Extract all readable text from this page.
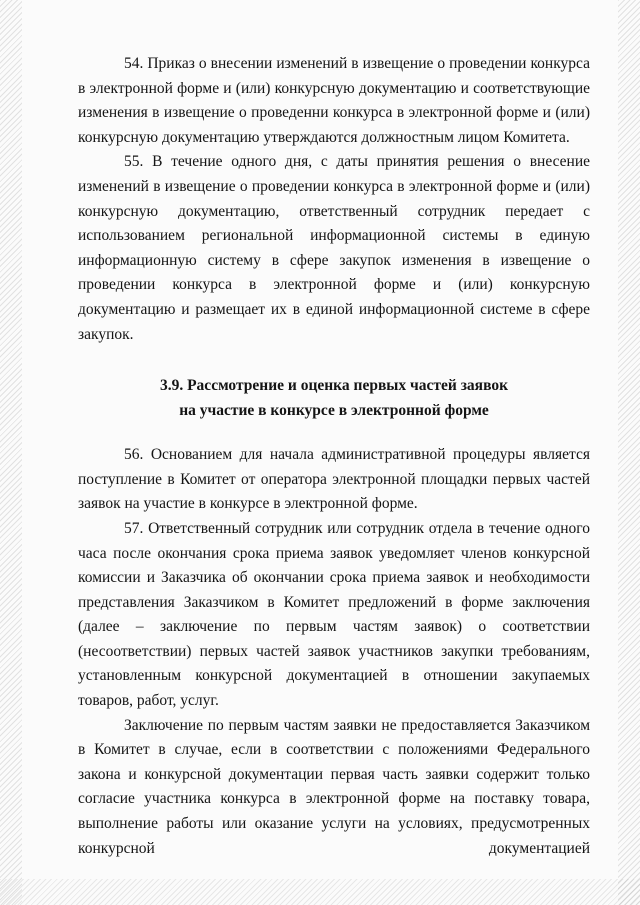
54. Приказ о внесении изменений в извещение о проведении конкурса в электронной форме и (или) конкурсную документацию и соответствующие изменения в извещение о проведенни конкурса в электронной форме и (или) конкурсную документацию утверждаются должностным лицом Комитета.

55. В течение одного дня, с даты принятия решения о внесение изменений в извещение о проведении конкурса в электронной форме и (или) конкурсную документацию, ответственный сотрудник передает с использованием региональной информационной системы в единую информационную систему в сфере закупок изменения в извещение о проведении конкурса в электронной форме и (или) конкурсную документацию и размещает их в единой информационной системе в сфере закупок.

3.9. Рассмотрение и оценка первых частей заявок
на участие в конкурсе в электронной форме

56. Основанием для начала административной процедуры является поступление в Комитет от оператора электронной площадки первых частей заявок на участие в конкурсе в электронной форме.

57. Ответственный сотрудник или сотрудник отдела в течение одного часа после окончания срока приема заявок уведомляет членов конкурсной комиссии и Заказчика об окончании срока приема заявок и необходимости представления Заказчиком в Комитет предложений в форме заключения (далее – заключение по первым частям заявок) о соответствии (несоответствии) первых частей заявок участников закупки требованиям, установленным конкурсной документацией в отношении закупаемых товаров, работ, услуг.

Заключение по первым частям заявки не предоставляется Заказчиком в Комитет в случае, если в соответствии с положениями Федерального закона и конкурсной документации первая часть заявки содержит только согласие участника конкурса в электронной форме на поставку товара, выполнение работы или оказание услуги на условиях, предусмотренных конкурсной документацией
